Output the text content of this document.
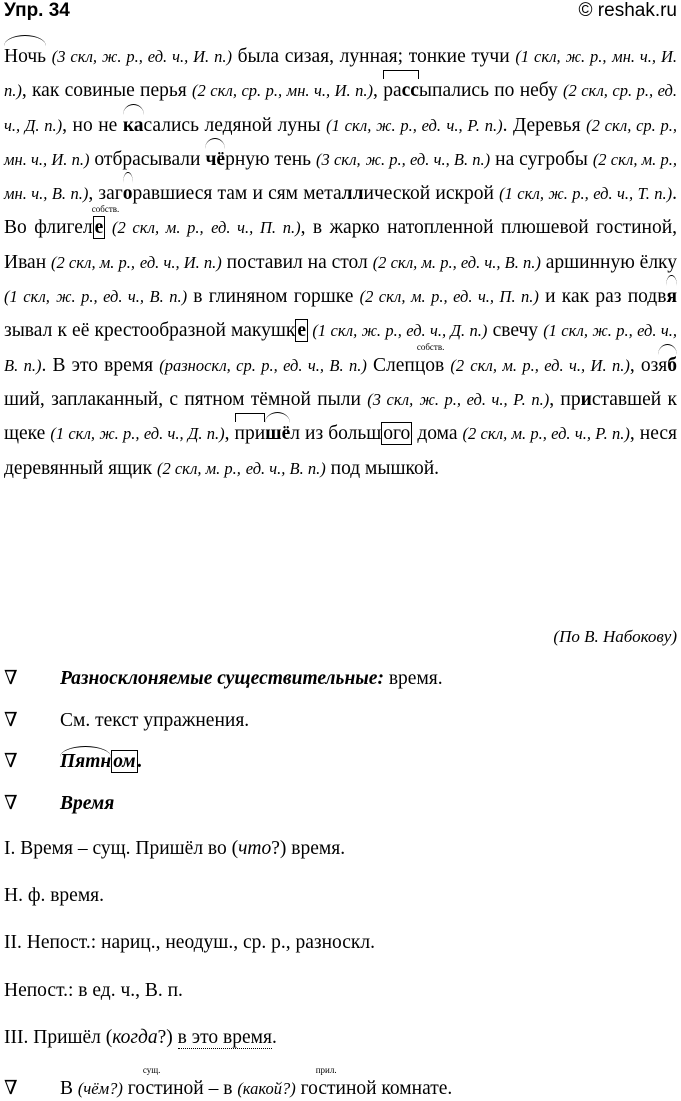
Упр. 34	© reshak.ru
Ночь (3 скл, ж. р., ед. ч., И. п.) была сизая, лунная; тонкие тучи (1 скл, ж. р., мн. ч., И. п.), как совиные перья (2 скл, ср. р., мн. ч., И. п.), рассыпались по небу (2 скл, ср. р., ед. ч., Д. п.), но не касались ледяной луны (1 скл, ж. р., ед. ч., Р. п.). Деревья (2 скл, ср. р., мн. ч., И. п.) отбрасывали чёрную тень (3 скл, ж. р., ед. ч., В. п.) на сугробы (2 скл, м. р., мн. ч., В. п.), загоравшиеся там и сям металлической искрой (1 скл, ж. р., ед. ч., Т. п.). Во флигел е
собств.
(2 скл, м. р., ед. ч., П. п.), в жарко натопленной плюшевой гостиной, Иван (2 скл, м. р., ед. ч., И. п.) поставил на стол (2 скл, м. р., ед. ч., В. п.) аршинную ёлку (1 скл, ж. р., ед. ч., В. п.) в глиняном горшке (2 скл, м. р., ед. ч., П. п.) и как раз подвязывал к её крестообразной макушк е (1 скл, ж. р., ед. ч., Д. п.) свечу (1 скл, ж. р., ед. ч., В. п.). В это время (разноскл, ср. р., ед. ч., В. п.) Слепцов
собств.
(2 скл, м. р., ед. ч., И. п.), озябший, заплаканный, с пятном тёмной пыли (3 скл, ж. р., ед. ч., Р. п.), приставшей к щеке (1 скл, ж. р., ед. ч., Д. п.), пришёл из больш ого дома (2 скл, м. р., ед. ч., Р. п.), неся деревянный ящик (2 скл, м. р., ед. ч., В. п.) под мышкой.
(По В. Набокову)
∇ Разносклоняемые существительные: время.
∇ См. текст упражнения.
∇ Пятн ом .
∇ Время
I. Время – сущ. Пришёл во (что?) время.
Н. ф. время.
II. Непост.: нариц., неодуш., ср. р., разноскл.
Непост.: в ед. ч., В. п.
III. Пришёл (когда?) в это время.
∇ В (чём?) гостиной – в
сущ.
(какой?) гостиной комнате.
прил.
